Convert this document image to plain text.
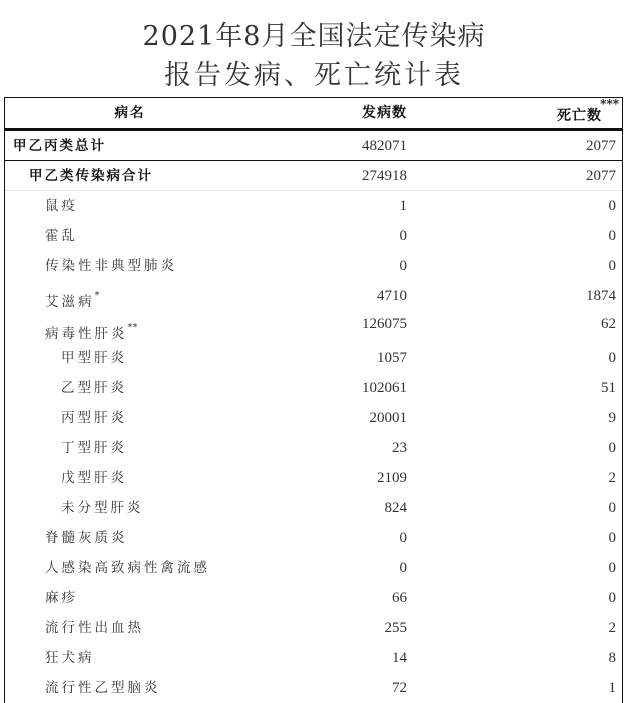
2021年8月全国法定传染病
报告发病、死亡统计表
病名	发病数	死亡数
***
甲乙丙类总计	482071	2077
甲乙类传染病合计	274918	2077
鼠疫	1	0
霍乱	0	0
传染性非典型肺炎	0	0
艾滋病*	4710	1874
病毒性肝炎**	126075	62
甲型肝炎	1057	0
乙型肝炎	102061	51
丙型肝炎	20001	9
丁型肝炎	23	0
戊型肝炎	2109	2
未分型肝炎	824	0
脊髓灰质炎	0	0
人感染高致病性禽流感	0	0
麻疹	66	0
流行性出血热	255	2
狂犬病	14	8
流行性乙型脑炎	72	1
